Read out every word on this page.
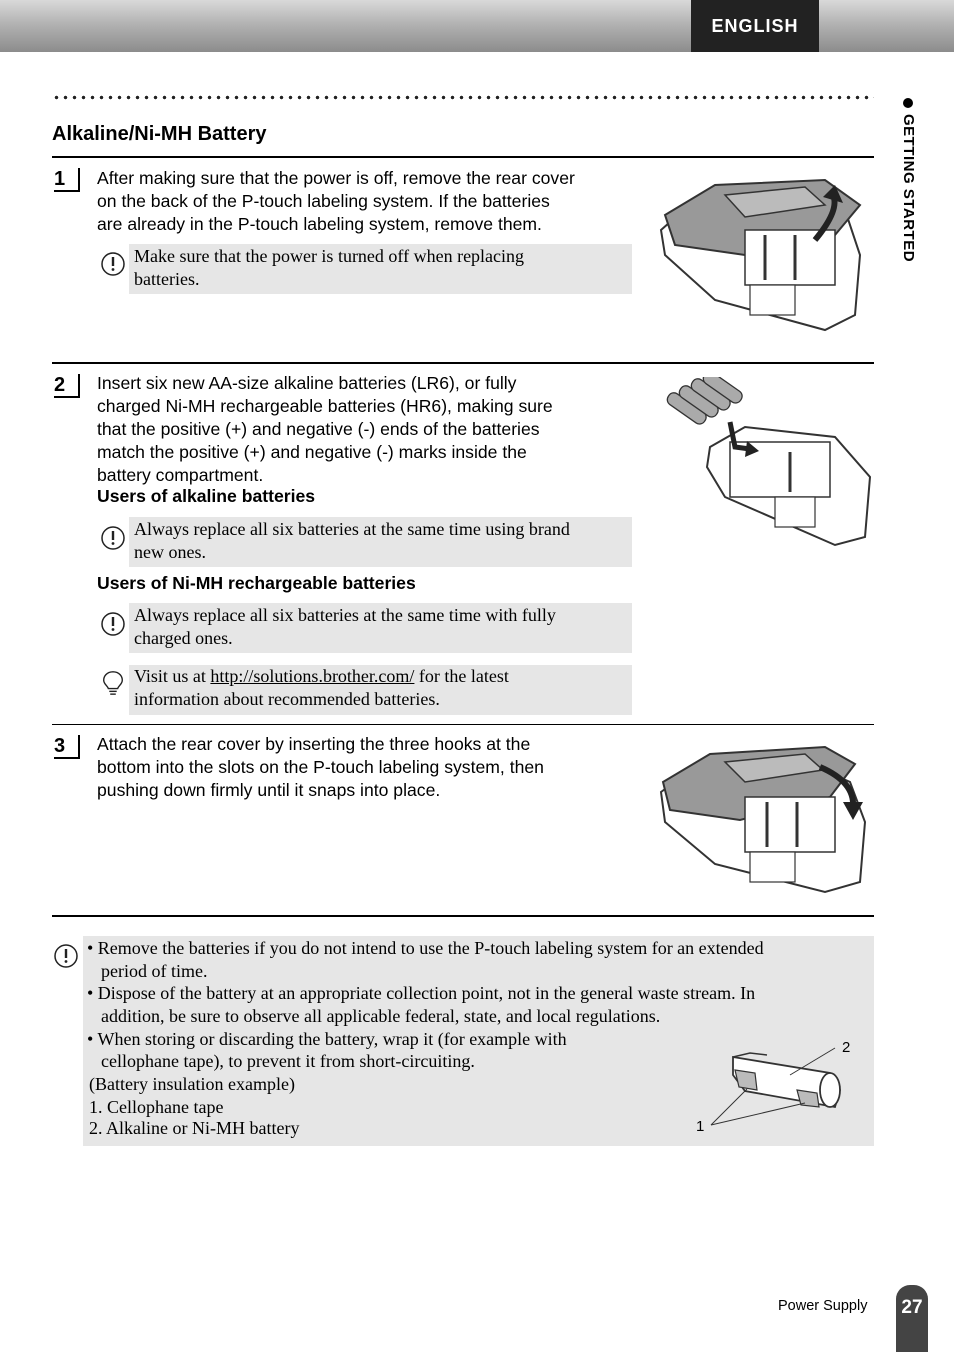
ENGLISH
GETTING STARTED
Alkaline/Ni-MH Battery
1	After making sure that the power is off, remove the rear cover
on the back of the P-touch labeling system. If the batteries
are already in the P-touch labeling system, remove them.
Make sure that the power is turned off when replacing
batteries.
2	Insert six new AA-size alkaline batteries (LR6), or fully
charged Ni-MH rechargeable batteries (HR6), making sure
that the positive (+) and negative (-) ends of the batteries
match the positive (+) and negative (-) marks inside the
battery compartment.
Users of alkaline batteries
Always replace all six batteries at the same time using brand
new ones.
Users of Ni-MH rechargeable batteries
Always replace all six batteries at the same time with fully
charged ones.
Visit us at http://solutions.brother.com/ for the latest
information about recommended batteries.
3	Attach the rear cover by inserting the three hooks at the
bottom into the slots on the P-touch labeling system, then
pushing down firmly until it snaps into place.
• Remove the batteries if you do not intend to use the P-touch labeling system for an extended
period of time.
• Dispose of the battery at an appropriate collection point, not in the general waste stream. In
addition, be sure to observe all applicable federal, state, and local regulations.
• When storing or discarding the battery, wrap it (for example with
cellophane tape), to prevent it from short-circuiting.
(Battery insulation example)
1. Cellophane tape
2. Alkaline or Ni-MH battery
2
1
Power Supply 27
